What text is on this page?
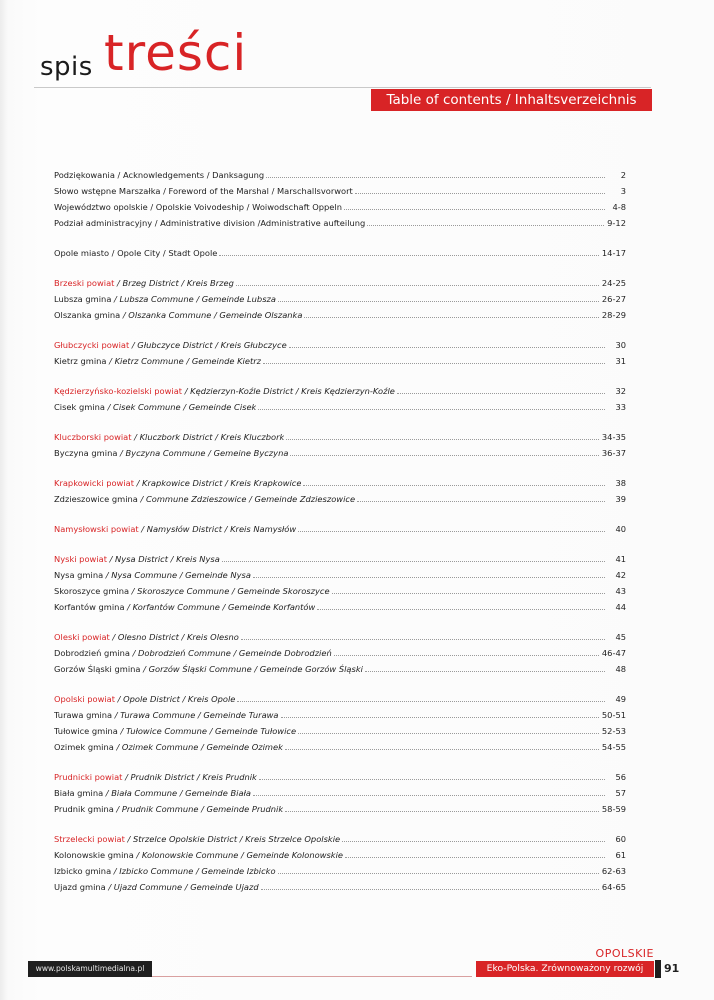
spis treści
Table of contents / Inhaltsverzeichnis
Podziękowania / Acknowledgements / Danksagung	2
Słowo wstępne Marszałka / Foreword of the Marshal / Marschallsvorwort	3
Województwo opolskie / Opolskie Voivodeship / Woiwodschaft Oppeln	4-8
Podział administracyjny / Administrative division /Administrative aufteilung	9-12
Opole miasto / Opole City / Stadt Opole	14-17
Brzeski powiat / Brzeg District / Kreis Brzeg	24-25
Lubsza gmina / Lubsza Commune / Gemeinde Lubsza	26-27
Olszanka gmina / Olszanka Commune / Gemeinde Olszanka	28-29
Głubczycki powiat / Głubczyce District / Kreis Głubczyce	30
Kietrz gmina / Kietrz Commune / Gemeinde Kietrz	31
Kędzierzyńsko-kozielski powiat / Kędzierzyn-Koźle District / Kreis Kędzierzyn-Koźle	32
Cisek gmina / Cisek Commune / Gemeinde Cisek	33
Kluczborski powiat / Kluczbork District / Kreis Kluczbork	34-35
Byczyna gmina / Byczyna Commune / Gemeine Byczyna	36-37
Krapkowicki powiat / Krapkowice District / Kreis Krapkowice	38
Zdzieszowice gmina / Commune Zdzieszowice / Gemeinde Zdzieszowice	39
Namysłowski powiat / Namysłów District / Kreis Namysłów	40
Nyski powiat / Nysa District / Kreis Nysa	41
Nysa gmina / Nysa Commune / Gemeinde Nysa	42
Skoroszyce gmina / Skoroszyce Commune / Gemeinde Skoroszyce	43
Korfantów gmina / Korfantów Commune / Gemeinde Korfantów	44
Oleski powiat / Olesno District / Kreis Olesno	45
Dobrodzień gmina / Dobrodzień Commune / Gemeinde Dobrodzień	46-47
Gorzów Śląski gmina / Gorzów Śląski Commune / Gemeinde Gorzów Śląski	48
Opolski powiat / Opole District / Kreis Opole	49
Turawa gmina / Turawa Commune / Gemeinde Turawa	50-51
Tułowice gmina / Tułowice Commune / Gemeinde Tułowice	52-53
Ozimek gmina / Ozimek Commune / Gemeinde Ozimek	54-55
Prudnicki powiat / Prudnik District / Kreis Prudnik	56
Biała gmina / Biała Commune / Gemeinde Biała	57
Prudnik gmina / Prudnik Commune / Gemeinde Prudnik	58-59
Strzelecki powiat / Strzelce Opolskie District / Kreis Strzelce Opolskie	60
Kolonowskie gmina / Kolonowskie Commune / Gemeinde Kolonowskie	61
Izbicko gmina / Izbicko Commune / Gemeinde Izbicko	62-63
Ujazd gmina / Ujazd Commune / Gemeinde Ujazd	64-65
www.polskamultimedialna.pl
OPOLSKIE
Eko-Polska. Zrównoważony rozwój	91
